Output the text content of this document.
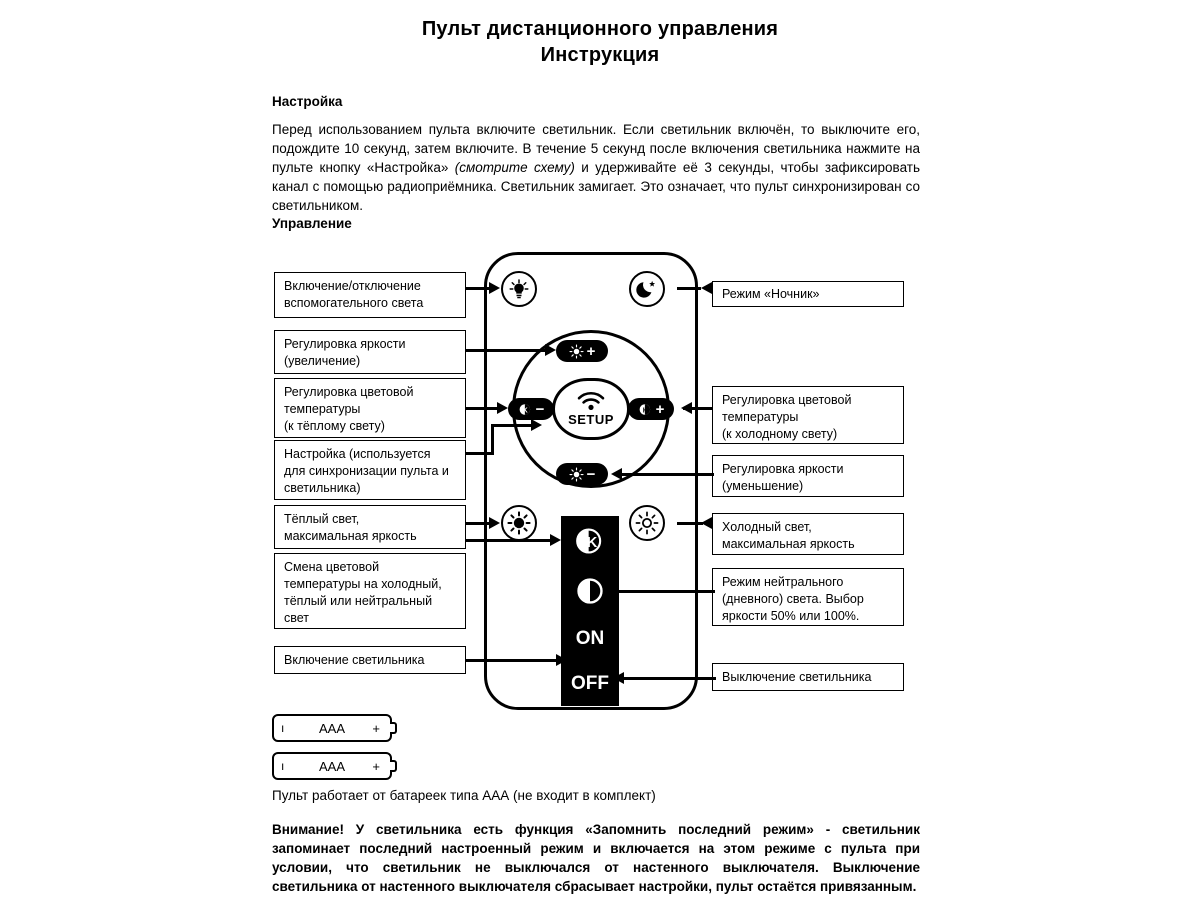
Пульт дистанционного управления
Инструкция
Настройка
Перед использованием пульта включите светильник. Если светильник включён, то выключите его, подождите 10 секунд, затем включите. В течение 5 секунд после включения светильника нажмите на пульте кнопку «Настройка» (смотрите схему) и удерживайте её 3 секунды, чтобы зафиксировать канал с помощью радиоприёмника. Светильник замигает. Это означает, что пульт синхронизирован со светильником.
Управление
+
K −	K +
−
SETUP
K
ON
OFF
Включение/отключение
вспомогательного света
Регулировка яркости
(увеличение)
Регулировка цветовой
температуры
(к тёплому свету)
Настройка (используется
для синхронизации пульта и
светильника)
Тёплый свет,
максимальная яркость
Смена цветовой
температуры на холодный,
тёплый или нейтральный
свет
Включение светильника
Режим «Ночник»
Регулировка цветовой
температуры
(к холодному свету)
Регулировка яркости
(уменьшение)
Холодный свет,
максимальная яркость
Режим нейтрального
(дневного) света. Выбор
яркости 50% или 100%.
Выключение светильника
ı	AAA +
ı	AAA +
Пульт работает от батареек типа ААА (не входит в комплект)
Внимание! У светильника есть функция «Запомнить последний режим» - светильник запоминает последний настроенный режим и включается на этом режиме с пульта при условии, что светильник не выключался от настенного выключателя. Выключение светильника от настенного выключателя сбрасывает настройки, пульт остаётся привязанным.
